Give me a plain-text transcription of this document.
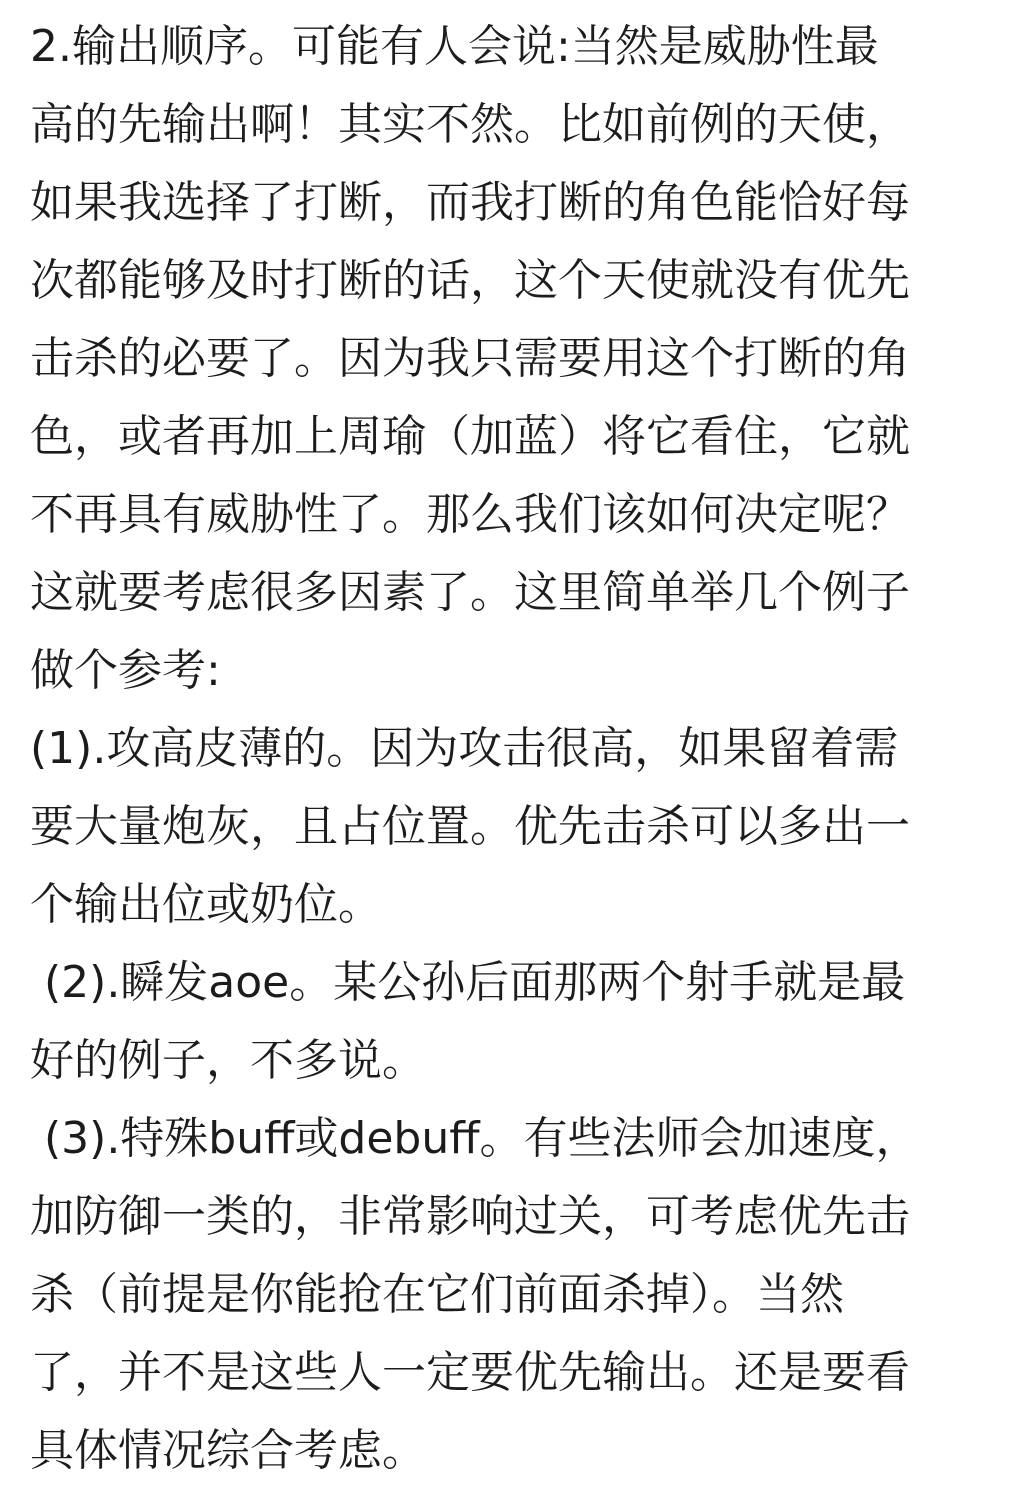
2.输出顺序。可能有人会说:当然是威胁性最

高的先输出啊！其实不然。比如前例的天使，

如果我选择了打断，而我打断的角色能恰好每

次都能够及时打断的话，这个天使就没有优先

击杀的必要了。因为我只需要用这个打断的角

色，或者再加上周瑜（加蓝）将它看住，它就

不再具有威胁性了。那么我们该如何决定呢？

这就要考虑很多因素了。这里简单举几个例子

做个参考:

(1).攻高皮薄的。因为攻击很高，如果留着需

要大量炮灰，且占位置。优先击杀可以多出一

个输出位或奶位。

(2).瞬发aoe。某公孙后面那两个射手就是最

好的例子，不多说。

(3).特殊buff或debuff。有些法师会加速度，

加防御一类的，非常影响过关，可考虑优先击

杀（前提是你能抢在它们前面杀掉）。当然

了，并不是这些人一定要优先输出。还是要看

具体情况综合考虑。
